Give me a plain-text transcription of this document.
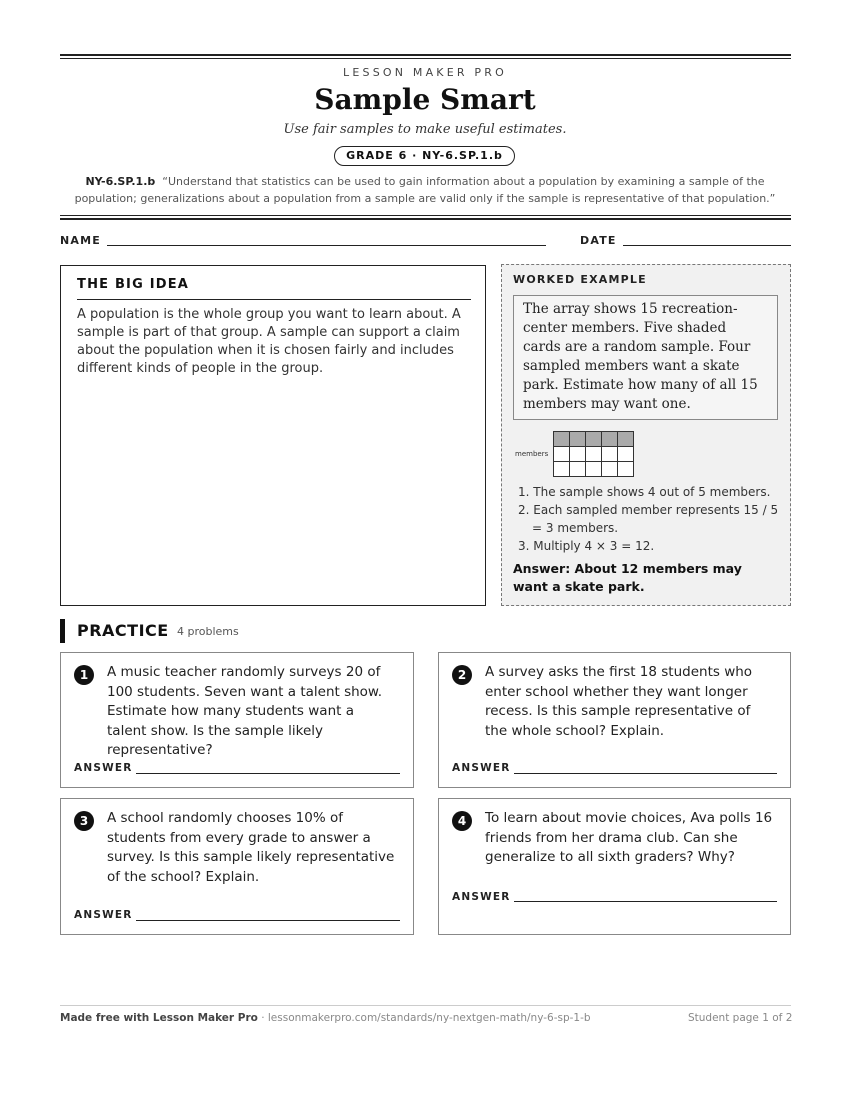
LESSON MAKER PRO
Sample Smart
Use fair samples to make useful estimates.
GRADE 6 · NY-6.SP.1.b
NY-6.SP.1.b “Understand that statistics can be used to gain information about a population by examining a sample of the population; generalizations about a population from a sample are valid only if the sample is representative of that population.”
NAME	DATE
THE BIG IDEA
A population is the whole group you want to learn about. A sample is part of that group. A sample can support a claim about the population when it is chosen fairly and includes different kinds of people in the group.
WORKED EXAMPLE
The array shows 15 recreation-center members. Five shaded cards are a random sample. Four sampled members want a skate park. Estimate how many of all 15 members may want one.
members
1. The sample shows 4 out of 5 members.
2. Each sampled member represents 15 / 5 = 3 members.
3. Multiply 4 × 3 = 12.
Answer: About 12 members may want a skate park.
PRACTICE 4 problems
1	A music teacher randomly surveys 20 of 100 students. Seven want a talent show. Estimate how many students want a talent show. Is the sample likely representative?
ANSWER
2	A survey asks the first 18 students who enter school whether they want longer recess. Is this sample representative of the whole school? Explain.
ANSWER
3	A school randomly chooses 10% of students from every grade to answer a survey. Is this sample likely representative of the school? Explain.
ANSWER
4	To learn about movie choices, Ava polls 16 friends from her drama club. Can she generalize to all sixth graders? Why?
ANSWER
Made free with Lesson Maker Pro · lessonmakerpro.com/standards/ny-nextgen-math/ny-6-sp-1-b	Student page 1 of 2
